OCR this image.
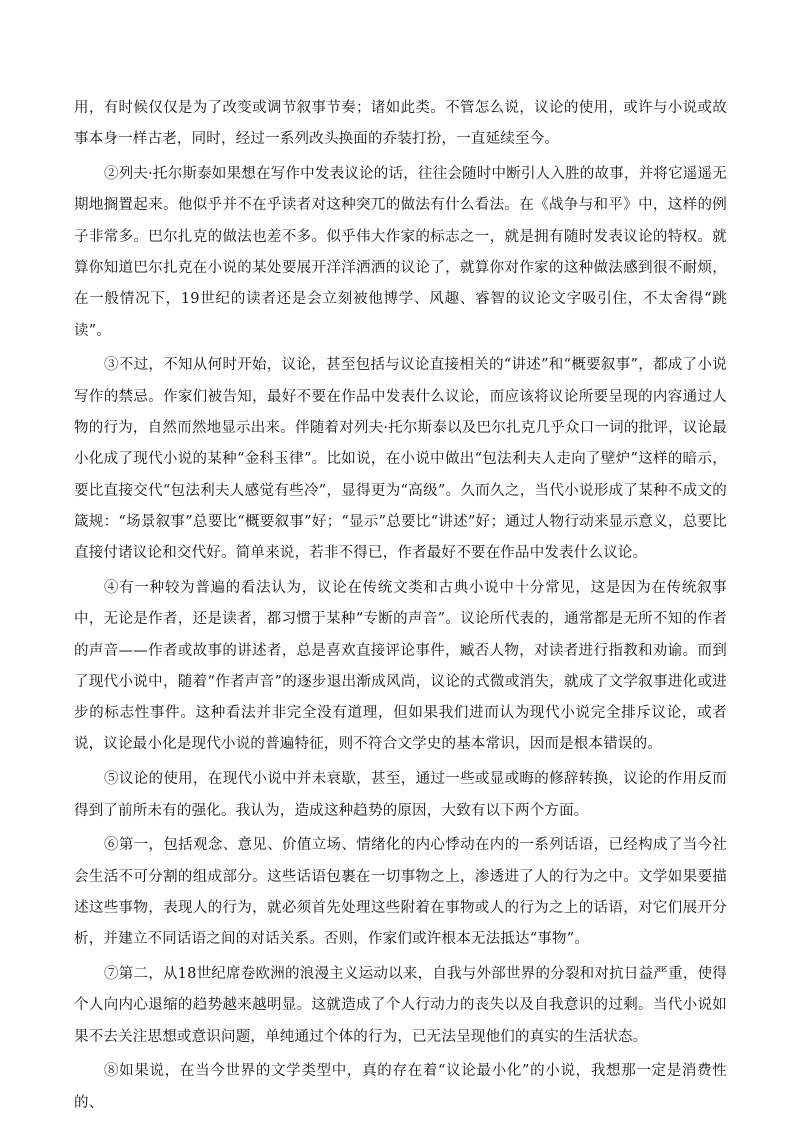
用，有时候仅仅是为了改变或调节叙事节奏；诸如此类。不管怎么说，议论的使用，或许与小说或故事本身一样古老，同时，经过一系列改头换面的乔装打扮，一直延续至今。

②列夫·托尔斯泰如果想在写作中发表议论的话，往往会随时中断引人入胜的故事，并将它遥遥无期地搁置起来。他似乎并不在乎读者对这种突兀的做法有什么看法。在《战争与和平》中，这样的例子非常多。巴尔扎克的做法也差不多。似乎伟大作家的标志之一，就是拥有随时发表议论的特权。就算你知道巴尔扎克在小说的某处要展开洋洋洒洒的议论了，就算你对作家的这种做法感到很不耐烦，在一般情况下，19世纪的读者还是会立刻被他博学、风趣、睿智的议论文字吸引住，不太舍得“跳读”。

③不过，不知从何时开始，议论，甚至包括与议论直接相关的“讲述”和“概要叙事”，都成了小说写作的禁忌。作家们被告知，最好不要在作品中发表什么议论，而应该将议论所要呈现的内容通过人物的行为，自然而然地显示出来。伴随着对列夫·托尔斯泰以及巴尔扎克几乎众口一词的批评，议论最小化成了现代小说的某种“金科玉律”。比如说，在小说中做出“包法利夫人走向了壁炉”这样的暗示，要比直接交代“包法利夫人感觉有些冷”，显得更为“高级”。久而久之，当代小说形成了某种不成文的箴规：“场景叙事”总要比“概要叙事”好；“显示”总要比“讲述”好；通过人物行动来显示意义，总要比直接付诸议论和交代好。简单来说，若非不得已，作者最好不要在作品中发表什么议论。

④有一种较为普遍的看法认为，议论在传统文类和古典小说中十分常见，这是因为在传统叙事中，无论是作者，还是读者，都习惯于某种“专断的声音”。议论所代表的，通常都是无所不知的作者的声音——作者或故事的讲述者，总是喜欢直接评论事件，臧否人物，对读者进行指教和劝谕。而到了现代小说中，随着“作者声音”的逐步退出渐成风尚，议论的式微或消失，就成了文学叙事进化或进步的标志性事件。这种看法并非完全没有道理，但如果我们进而认为现代小说完全排斥议论，或者说，议论最小化是现代小说的普遍特征，则不符合文学史的基本常识，因而是根本错误的。

⑤议论的使用，在现代小说中并未衰歇，甚至，通过一些或显或晦的修辞转换，议论的作用反而得到了前所未有的强化。我认为，造成这种趋势的原因，大致有以下两个方面。

⑥第一，包括观念、意见、价值立场、情绪化的内心悸动在内的一系列话语，已经构成了当今社会生活不可分割的组成部分。这些话语包裹在一切事物之上，渗透进了人的行为之中。文学如果要描述这些事物，表现人的行为，就必须首先处理这些附着在事物或人的行为之上的话语，对它们展开分析，并建立不同话语之间的对话关系。否则，作家们或许根本无法抵达“事物”。

⑦第二，从18世纪席卷欧洲的浪漫主义运动以来，自我与外部世界的分裂和对抗日益严重，使得个人向内心退缩的趋势越来越明显。这就造成了个人行动力的丧失以及自我意识的过剩。当代小说如果不去关注思想或意识问题，单纯通过个体的行为，已无法呈现他们的真实的生活状态。

⑧如果说，在当今世界的文学类型中，真的存在着“议论最小化”的小说，我想那一定是消费性的、
